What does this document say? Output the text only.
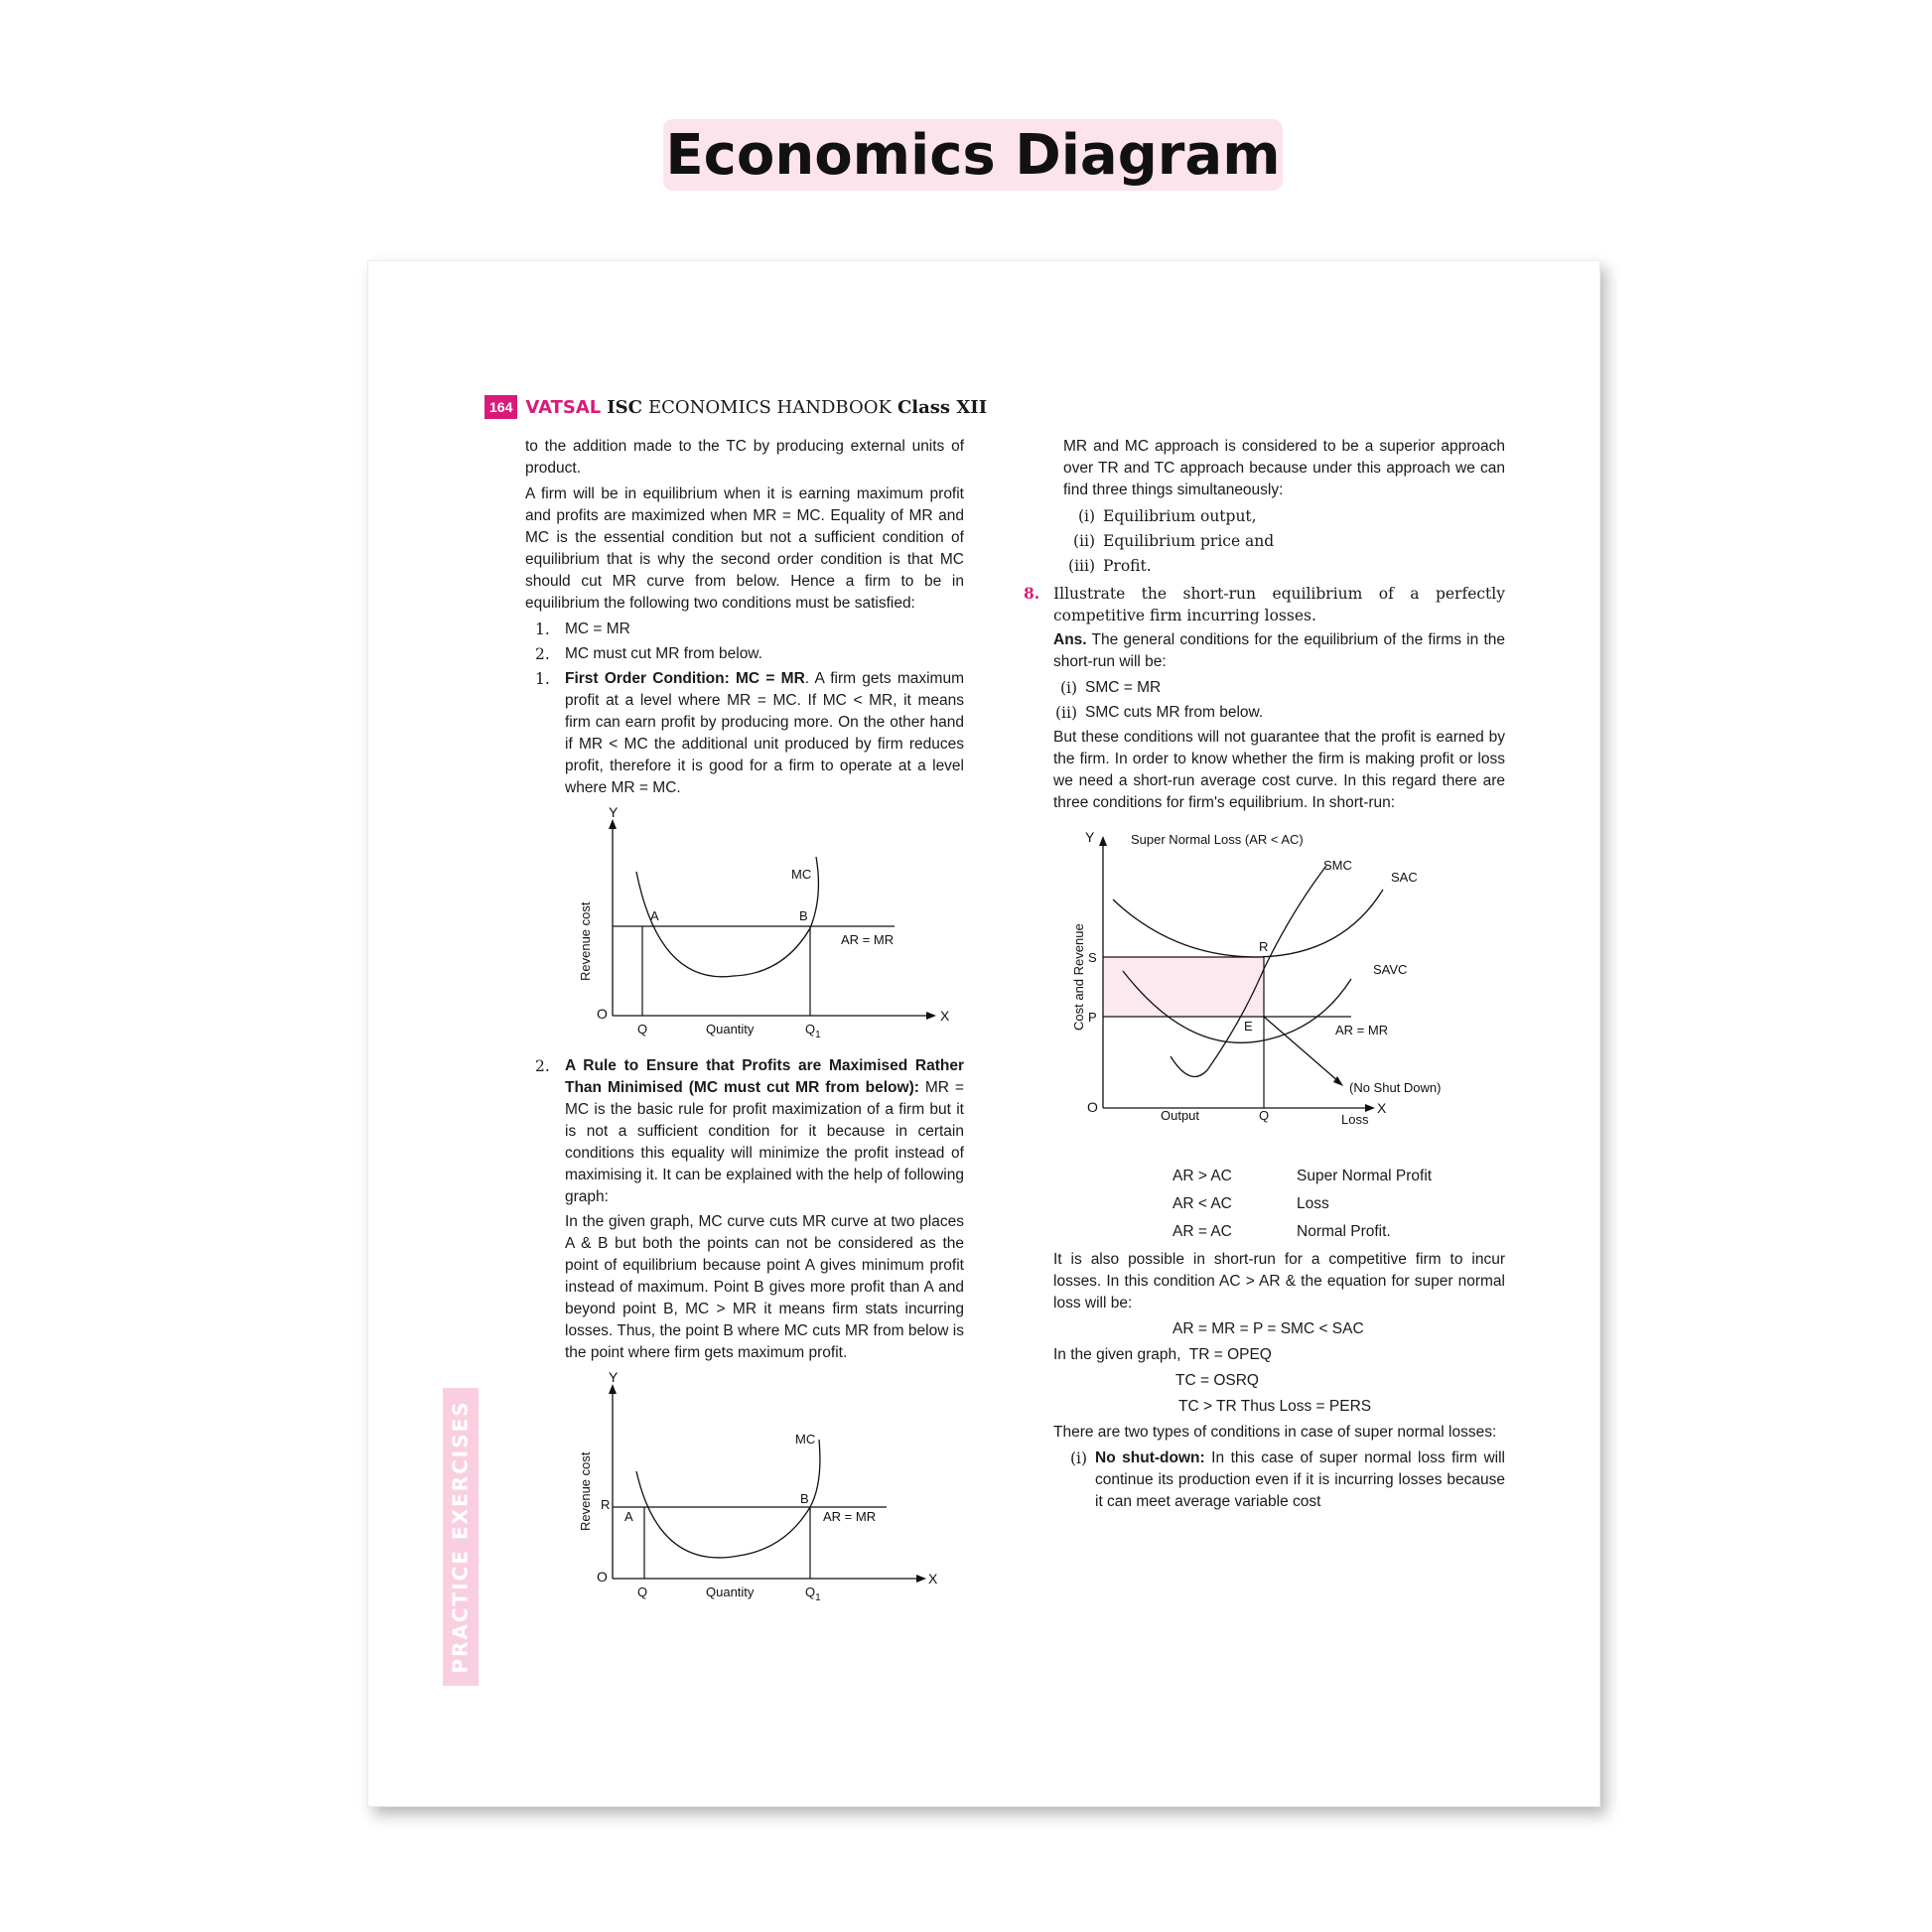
Economics Diagram
164 VATSAL ISC ECONOMICS HANDBOOK Class XII
PRACTICE EXERCISES

to the addition made to the TC by producing external units of product.

A firm will be in equilibrium when it is earning maximum profit and profits are maximized when MR = MC. Equality of MR and MC is the essential condition but not a sufficient condition of equilibrium that is why the second order condition is that MC should cut MR curve from below. Hence a firm to be in equilibrium the following two conditions must be satisfied:

1. MC = MR
2. MC must cut MR from below.
1. First Order Condition: MC = MR. A firm gets maximum profit at a level where MR = MC. If MC < MR, it means firm can earn profit by producing more. On the other hand if MR < MC the additional unit produced by firm reduces profit, therefore it is good for a firm to operate at a level where MR = MC.
Y
X
O
Revenue cost
Quantity
A	B
MC
AR = MR
Q	$Q_1$
2. A Rule to Ensure that Profits are Maximised Rather Than Minimised (MC must cut MR from below): MR = MC is the basic rule for profit maximization of a firm but it is not a sufficient condition for it because in certain conditions this equality will minimize the profit instead of maximising it. It can be explained with the help of following graph:

In the given graph, MC curve cuts MR curve at two places A & B but both the points can not be considered as the point of equilibrium because point A gives minimum profit instead of maximum. Point B gives more profit than A and beyond point B, MC > MR it means firm stats incurring losses. Thus, the point B where MC cuts MR from below is the point where firm gets maximum profit.

Y
X
O
Revenue cost
Quantity
R
A
B
MC
AR = MR
Q	$Q_1$

MR and MC approach is considered to be a superior approach over TR and TC approach because under this approach we can find three things simultaneously:

(i) Equilibrium output,
(ii) Equilibrium price and
(iii) Profit.
8. Illustrate the short-run equilibrium of a perfectly competitive firm incurring losses.

Ans. The general conditions for the equilibrium of the firms in the short-run will be:

(i) SMC = MR
(ii) SMC cuts MR from below.

But these conditions will not guarantee that the profit is earned by the firm. In order to know whether the firm is making profit or loss we need a short-run average cost curve. In this regard there are three conditions for firm's equilibrium. In short-run:

Y
X
O
Super Normal Loss (AR < AC)
Cost and Revenue
Output	Loss
SMC
SAC
SAVC
R
S
P
E
Q
AR = MR
(No Shut Down)
AR > AC	Super Normal Profit
AR < AC	Loss
AR = AC	Normal Profit.

It is also possible in short-run for a competitive firm to incur losses. In this condition AC > AR & the equation for super normal loss will be:

AR = MR = P = SMC < SAC

In the given graph, TR = OPEQ

TC = OSRQ

TC > TR Thus Loss = PERS

There are two types of conditions in case of super normal losses:

(i) No shut-down: In this case of super normal loss firm will continue its production even if it is incurring losses because it can meet average variable cost
